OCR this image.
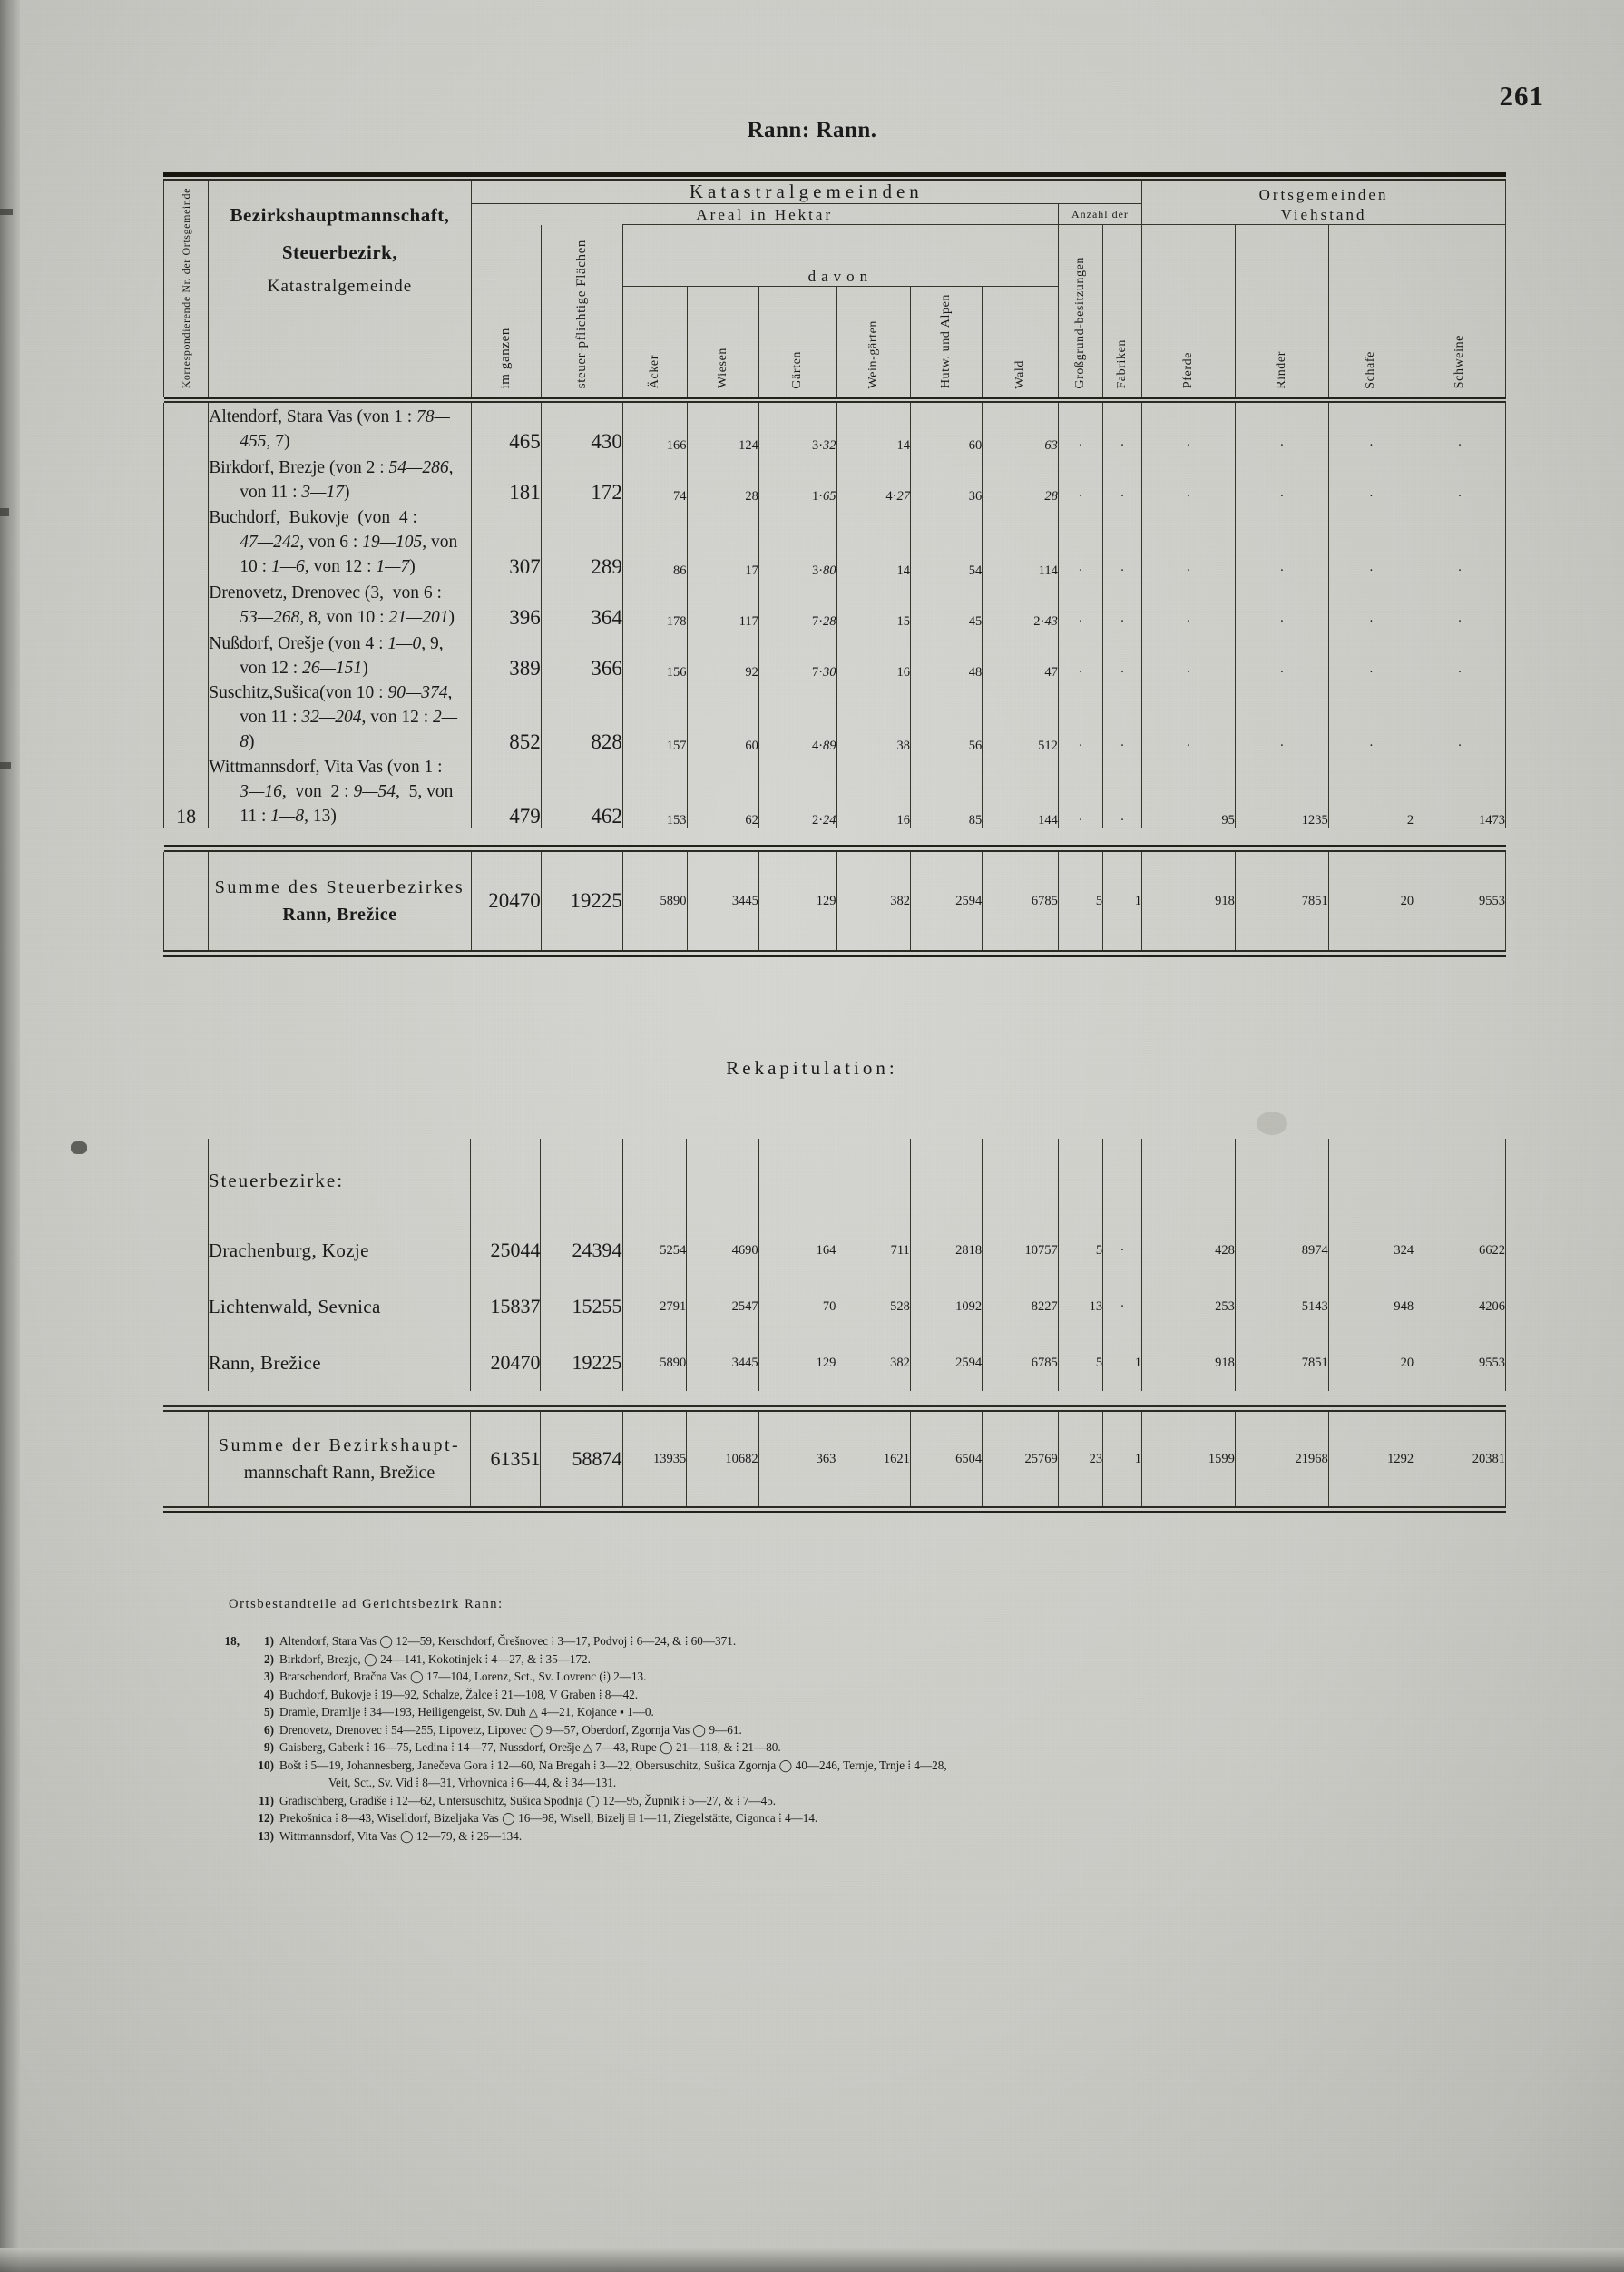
261
Rann: Rann.
Korrespondierende Nr. der Ortsgemeinde	Bezirkshauptmannschaft,
Steuerbezirk,
Katastralgemeinde	Katastralgemeinden										Ortsgemeinden			
		Areal in Hektar								Anzahl der		Viehstand			
		im ganzen	steuer-pflichtige Flächen	davon						Großgrund-besitzungen	Fabriken	Pferde	Rinder	Schafe	Schweine
				Äcker	Wiesen	Gärten	Wein-gärten	Hutw. und Alpen	Wald						

18	Altendorf, Stara Vas (von 1 : 78—
455, 7)	465	430	166	124	3·32	14	60	63	·	·	·	·	·	·
	Birkdorf, Brezje (von 2 : 54—286,
von 11 : 3—17)	181	172	74	28	1·65	4·27	36	28	·	·	·	·	·	·
	Buchdorf,  Bukovje  (von  4 :
47—242, von 6 : 19—105, von
10 : 1—6, von 12 : 1—7)	307	289	86	17	3·80	14	54	114	·	·	·	·	·	·
	Drenovetz, Drenovec (3,  von 6 :
53—268, 8, von 10 : 21—201)	396	364	178	117	7·28	15	45	2·43	·	·	·	·	·	·
	Nußdorf, Orešje (von 4 : 1—0, 9,
von 12 : 26—151)	389	366	156	92	7·30	16	48	47	·	·	·	·	·	·
	Suschitz,Sušica(von 10 : 90—374,
von 11 : 32—204, von 12 : 2—8)	852	828	157	60	4·89	38	56	512	·	·	·	·	·	·
	Wittmannsdorf, Vita Vas (von 1 :
3—16,  von  2 : 9—54,  5, von
11 : 1—8, 13)	479	462	153	62	2·24	16	85	144	·	·	95	1235	2	1473

	Summe des Steuerbezirkes
Rann, Brežice	20470	19225	5890	3445	129	382	2594	6785	5	1	918	7851	20	9553
Rekapitulation:
	Steuerbezirke:														
	Drachenburg, Kozje	25044	24394	5254	4690	164	711	2818	10757	5	·	428	8974	324	6622
	Lichtenwald, Sevnica	15837	15255	2791	2547	70	528	1092	8227	13	·	253	5143	948	4206
	Rann, Brežice	20470	19225	5890	3445	129	382	2594	6785	5	1	918	7851	20	9553

	Summe der Bezirkshaupt-
mannschaft Rann, Brežice	61351	58874	13935	10682	363	1621	6504	25769	23	1	1599	21968	1292	20381
Ortsbestandteile ad Gerichtsbezirk Rann:
18, 1) Altendorf, Stara Vas ◯ 12—59, Kerschdorf, Črešnovec ⁞ 3—17, Podvoj ⁞ 6—24, & ⁞ 60—371.
2) Birkdorf, Brezje, ◯ 24—141, Kokotinjek ⁞ 4—27, & ⁞ 35—172.
3) Bratschendorf, Bračna Vas ◯ 17—104, Lorenz, Sct., Sv. Lovrenc (⁞) 2—13.
4) Buchdorf, Bukovje ⁞ 19—92, Schalze, Žalce ⁞ 21—108, V Graben ⁞ 8—42.
5) Dramle, Dramlje ⁞ 34—193, Heiligengeist, Sv. Duh △ 4—21, Kojance ▪ 1—0.
6) Drenovetz, Drenovec ⁞ 54—255, Lipovetz, Lipovec ◯ 9—57, Oberdorf, Zgornja Vas ◯ 9—61.
9) Gaisberg, Gaberk ⁞ 16—75, Ledina ⁞ 14—77, Nussdorf, Orešje △ 7—43, Rupe ◯ 21—118, & ⁞ 21—80.
10) Bošt ⁞ 5—19, Johannesberg, Janečeva Gora ⁞ 12—60, Na Bregah ⁞ 3—22, Obersuschitz, Sušica Zgornja ◯ 40—246, Ternje, Trnje ⁞ 4—28,
Veit, Sct., Sv. Vid ⁞ 8—31, Vrhovnica ⁞ 6—44, & ⁞ 34—131.
11) Gradischberg, Gradiše ⁞ 12—62, Untersuschitz, Sušica Spodnja ◯ 12—95, Župnik ⁞ 5—27, & ⁞ 7—45.
12) Prekošnica ⁞ 8—43, Wiselldorf, Bizeljaka Vas ◯ 16—98, Wisell, Bizelj ⌸ 1—11, Ziegelstätte, Cigonca ⁞ 4—14.
13) Wittmannsdorf, Vita Vas ◯ 12—79, & ⁞ 26—134.
